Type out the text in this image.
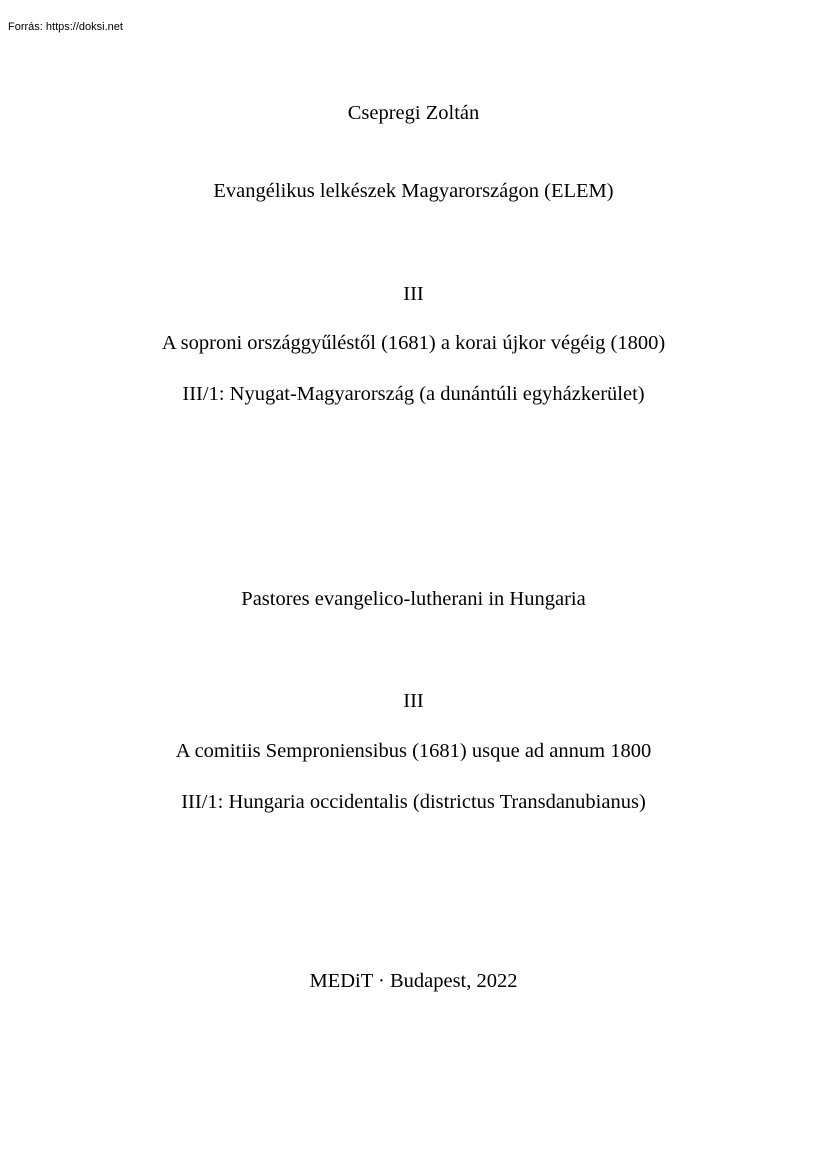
Forrás: https://doksi.net
Csepregi Zoltán
Evangélikus lelkészek Magyarországon (ELEM)
III
A soproni országgyűléstől (1681) a korai újkor végéig (1800)
III/1: Nyugat-Magyarország (a dunántúli egyházkerület)
Pastores evangelico-lutherani in Hungaria
III
A comitiis Semproniensibus (1681) usque ad annum 1800
III/1: Hungaria occidentalis (districtus Transdanubianus)
MEDiT · Budapest, 2022
